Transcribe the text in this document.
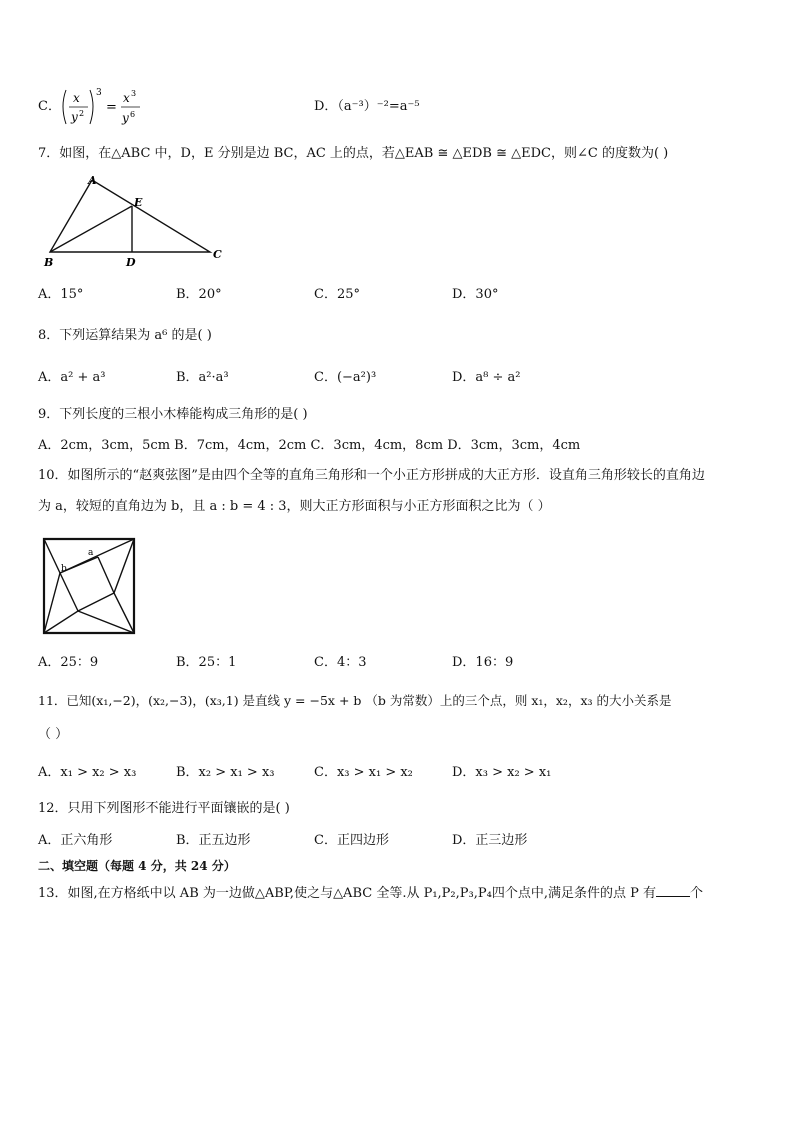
C．
x
y 2
3
=
x 3
y 6
D．（a⁻³）⁻²=a⁻⁵
7．如图，在△ABC 中，D，E 分别是边 BC，AC 上的点，若△EAB ≅ △EDB ≅ △EDC，则∠C 的度数为( )
A
E
B	D
C
A．15°	B．20°	C．25°	D．30°
8．下列运算结果为 a⁶ 的是( )
A．a² + a³	B．a²·a³	C．(−a²)³	D．a⁸ ÷ a²
9．下列长度的三根小木棒能构成三角形的是( )
A．2cm，3cm，5cm B．7cm，4cm，2cm C．3cm，4cm，8cm D．3cm，3cm，4cm
10．如图所示的“赵爽弦图”是由四个全等的直角三角形和一个小正方形拼成的大正方形．设直角三角形较长的直角边
为 a，较短的直角边为 b，且 a : b = 4 : 3，则大正方形面积与小正方形面积之比为（ ）
a
b
A．25：9	B．25：1	C．4：3	D．16：9
11．已知(x₁,−2)，(x₂,−3)，(x₃,1) 是直线 y = −5x + b （b 为常数）上的三个点，则 x₁，x₂，x₃ 的大小关系是
（ ）
A．x₁ > x₂ > x₃	B．x₂ > x₁ > x₃	C．x₃ > x₁ > x₂	D．x₃ > x₂ > x₁
12．只用下列图形不能进行平面镶嵌的是( )
A．正六角形	B．正五边形	C．正四边形	D．正三边形
二、填空题（每题 4 分，共 24 分）
13．如图,在方格纸中以 AB 为一边做△ABP,使之与△ABC 全等.从 P₁,P₂,P₃,P₄四个点中,满足条件的点 P 有	个
